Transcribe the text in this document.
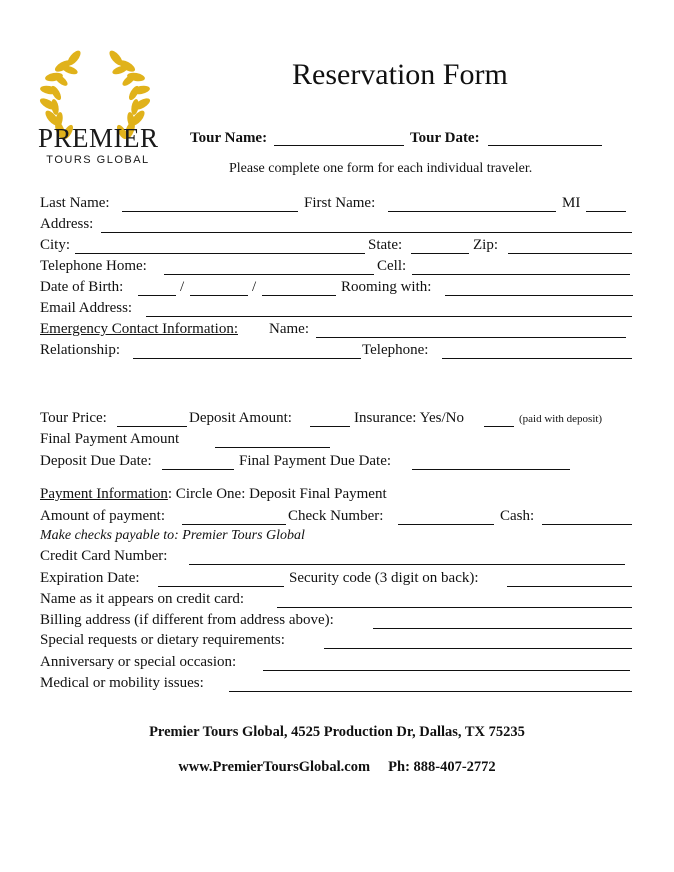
PREMIER
TOURS GLOBAL
Reservation Form
Tour Name:	Tour Date:
Please complete one form for each individual traveler.
Last Name:	First Name:	MI
Address:
City:	State:	Zip:
Telephone Home:	Cell:
Date of Birth:	/	/	Rooming with:
Email Address:
Emergency Contact Information: Name:
Relationship:	Telephone:
Tour Price:	Deposit Amount:	Insurance: Yes/No	(paid with deposit)
Final Payment Amount
Deposit Due Date:	Final Payment Due Date:
Payment Information: Circle One: Deposit Final Payment
Amount of payment:	Check Number:	Cash:
Make checks payable to: Premier Tours Global
Credit Card Number:
Expiration Date:	Security code (3 digit on back):
Name as it appears on credit card:
Billing address (if different from address above):
Special requests or dietary requirements:
Anniversary or special occasion:
Medical or mobility issues:
Premier Tours Global, 4525 Production Dr, Dallas, TX 75235
www.PremierToursGlobal.com     Ph: 888-407-2772
